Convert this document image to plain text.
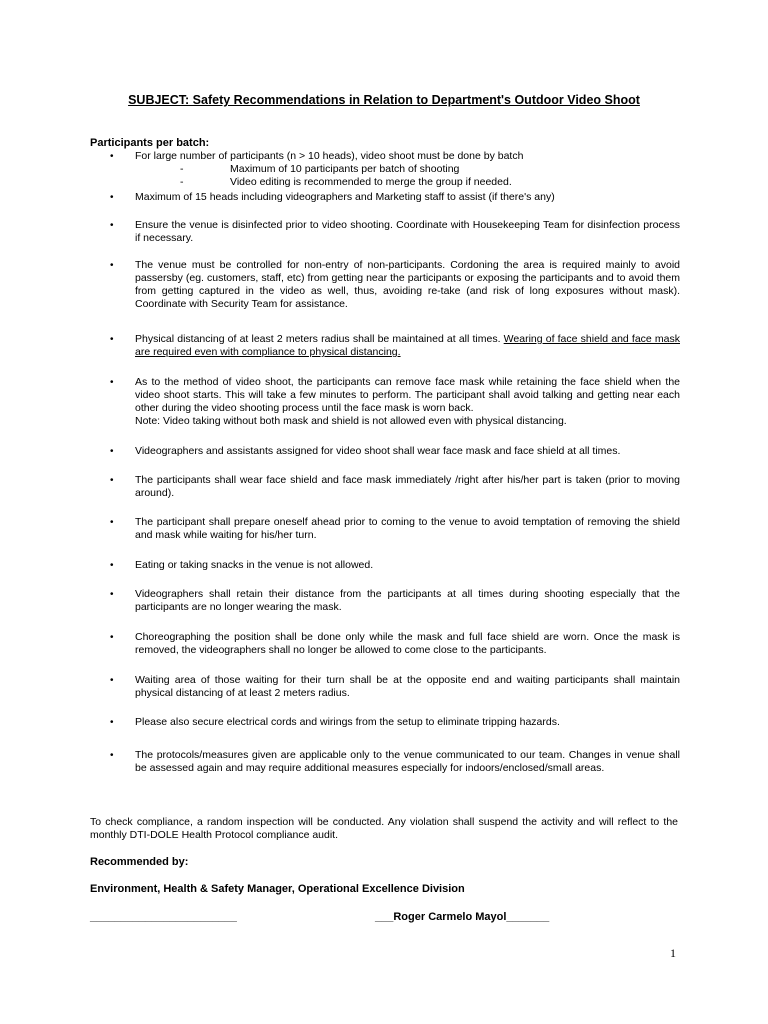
SUBJECT: Safety Recommendations in Relation to Department's Outdoor Video Shoot
Participants per batch:
•	For large number of participants (n > 10 heads), video shoot must be done by batch
-	Maximum of 10 participants per batch of shooting
-	Video editing is recommended to merge the group if needed.
•	Maximum of 15 heads including videographers and Marketing staff to assist (if there's any)
•	Ensure the venue is disinfected prior to video shooting. Coordinate with Housekeeping Team for disinfection process if necessary.
•	The venue must be controlled for non-entry of non-participants. Cordoning the area is required mainly to avoid passersby (eg. customers, staff, etc) from getting near the participants or exposing the participants and to avoid them from getting captured in the video as well, thus, avoiding re-take (and risk of long exposures without mask). Coordinate with Security Team for assistance.
•	Physical distancing of at least 2 meters radius shall be maintained at all times. Wearing of face shield and face mask are required even with compliance to physical distancing.
•	As to the method of video shoot, the participants can remove face mask while retaining the face shield when the video shoot starts. This will take a few minutes to perform. The participant shall avoid talking and getting near each other during the video shooting process until the face mask is worn back.
Note: Video taking without both mask and shield is not allowed even with physical distancing.
•	Videographers and assistants assigned for video shoot shall wear face mask and face shield at all times.
•	The participants shall wear face shield and face mask immediately /right after his/her part is taken (prior to moving around).
•	The participant shall prepare oneself ahead prior to coming to the venue to avoid temptation of removing the shield and mask while waiting for his/her turn.
•	Eating or taking snacks in the venue is not allowed.
•	Videographers shall retain their distance from the participants at all times during shooting especially that the participants are no longer wearing the mask.
•	Choreographing the position shall be done only while the mask and full face shield are worn. Once the mask is removed, the videographers shall no longer be allowed to come close to the participants.
•	Waiting area of those waiting for their turn shall be at the opposite end and waiting participants shall maintain physical distancing of at least 2 meters radius.
•	Please also secure electrical cords and wirings from the setup to eliminate tripping hazards.
•	The protocols/measures given are applicable only to the venue communicated to our team. Changes in venue shall be assessed again and may require additional measures especially for indoors/enclosed/small areas.
To check compliance, a random inspection will be conducted. Any violation shall suspend the activity and will reflect to the monthly DTI-DOLE Health Protocol compliance audit.
Recommended by:
Environment, Health & Safety Manager, Operational Excellence Division
________________________	___Roger Carmelo Mayol_______
1
